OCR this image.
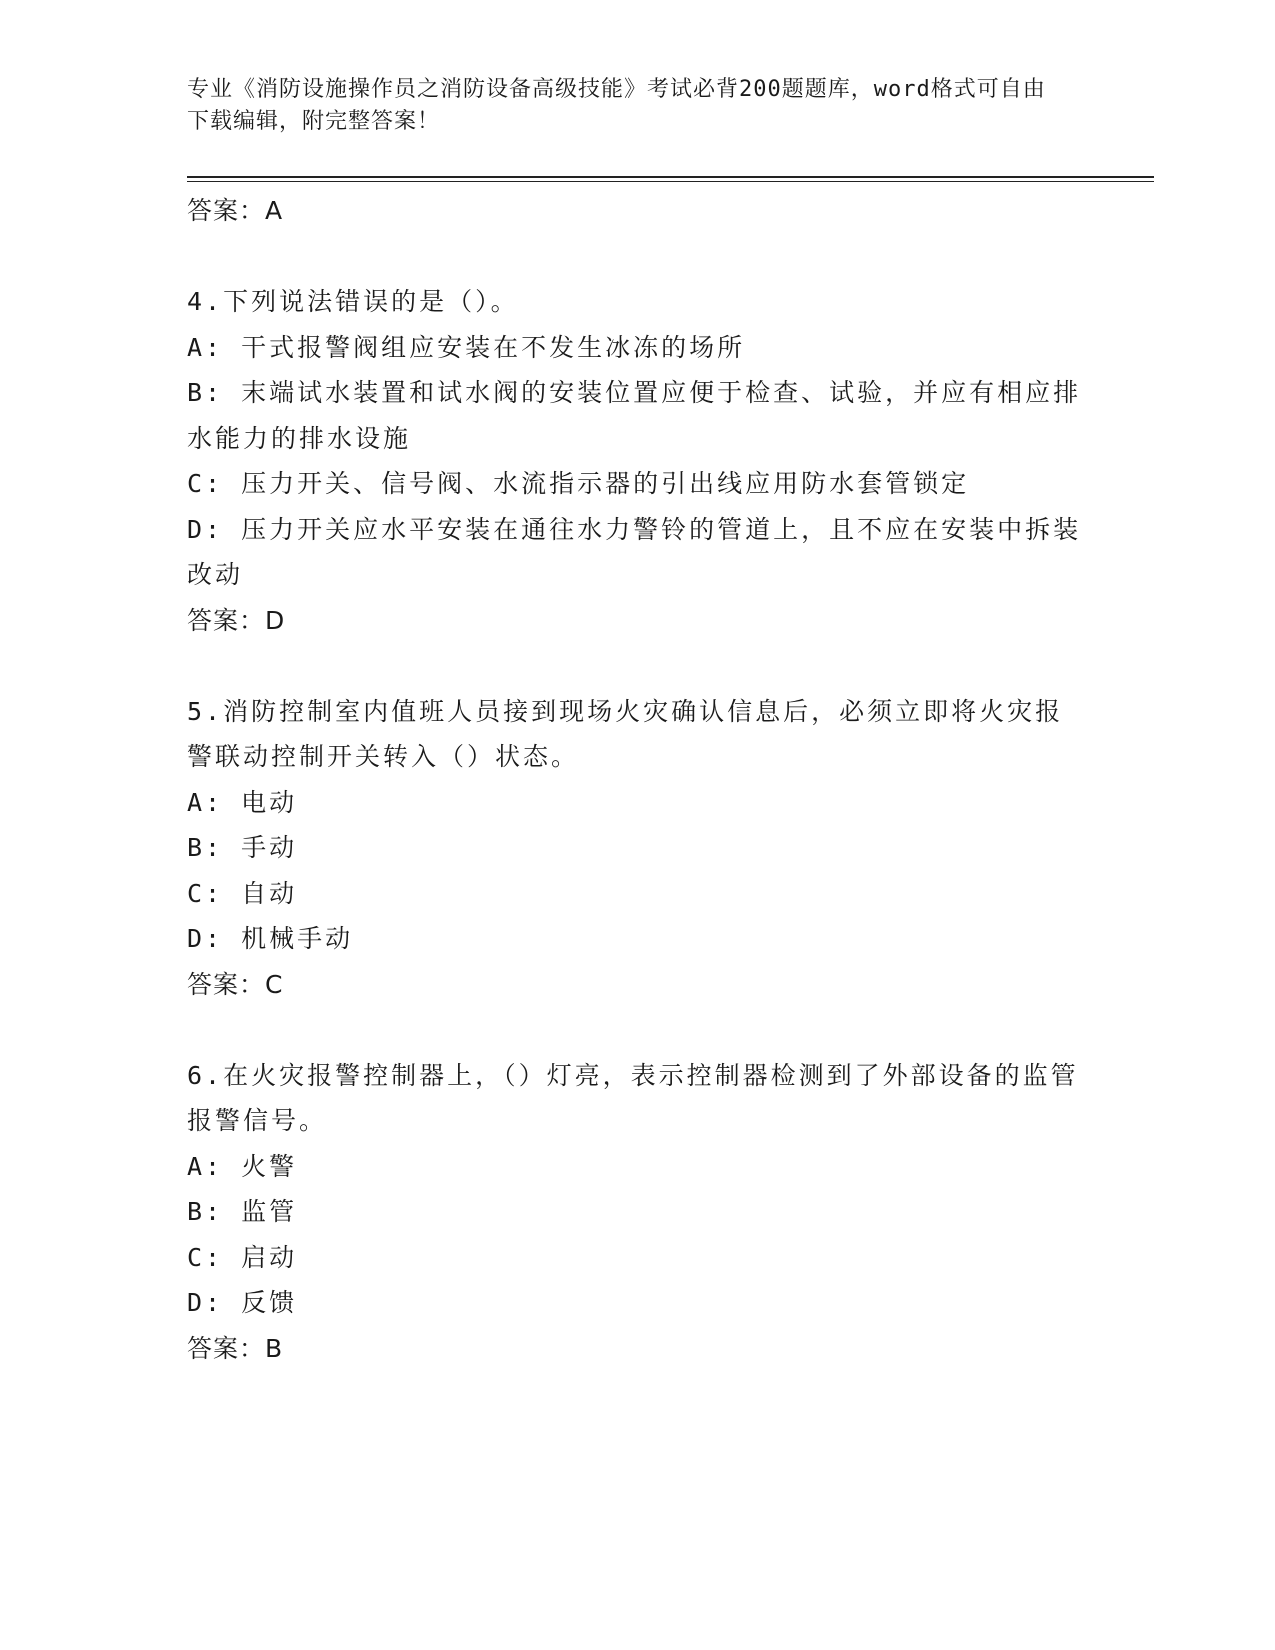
专业《消防设施操作员之消防设备高级技能》考试必背200题题库，word格式可自由下载编辑，附完整答案！
答案：A
4.下列说法错误的是（）。
A: 干式报警阀组应安装在不发生冰冻的场所
B: 末端试水装置和试水阀的安装位置应便于检查、试验，并应有相应排水能力的排水设施
C: 压力开关、信号阀、水流指示器的引出线应用防水套管锁定
D: 压力开关应水平安装在通往水力警铃的管道上，且不应在安装中拆装改动
答案：D
5.消防控制室内值班人员接到现场火灾确认信息后，必须立即将火灾报警联动控制开关转入（）状态。
A: 电动
B: 手动
C: 自动
D: 机械手动
答案：C
6.在火灾报警控制器上，（）灯亮，表示控制器检测到了外部设备的监管报警信号。
A: 火警
B: 监管
C: 启动
D: 反馈
答案：B
